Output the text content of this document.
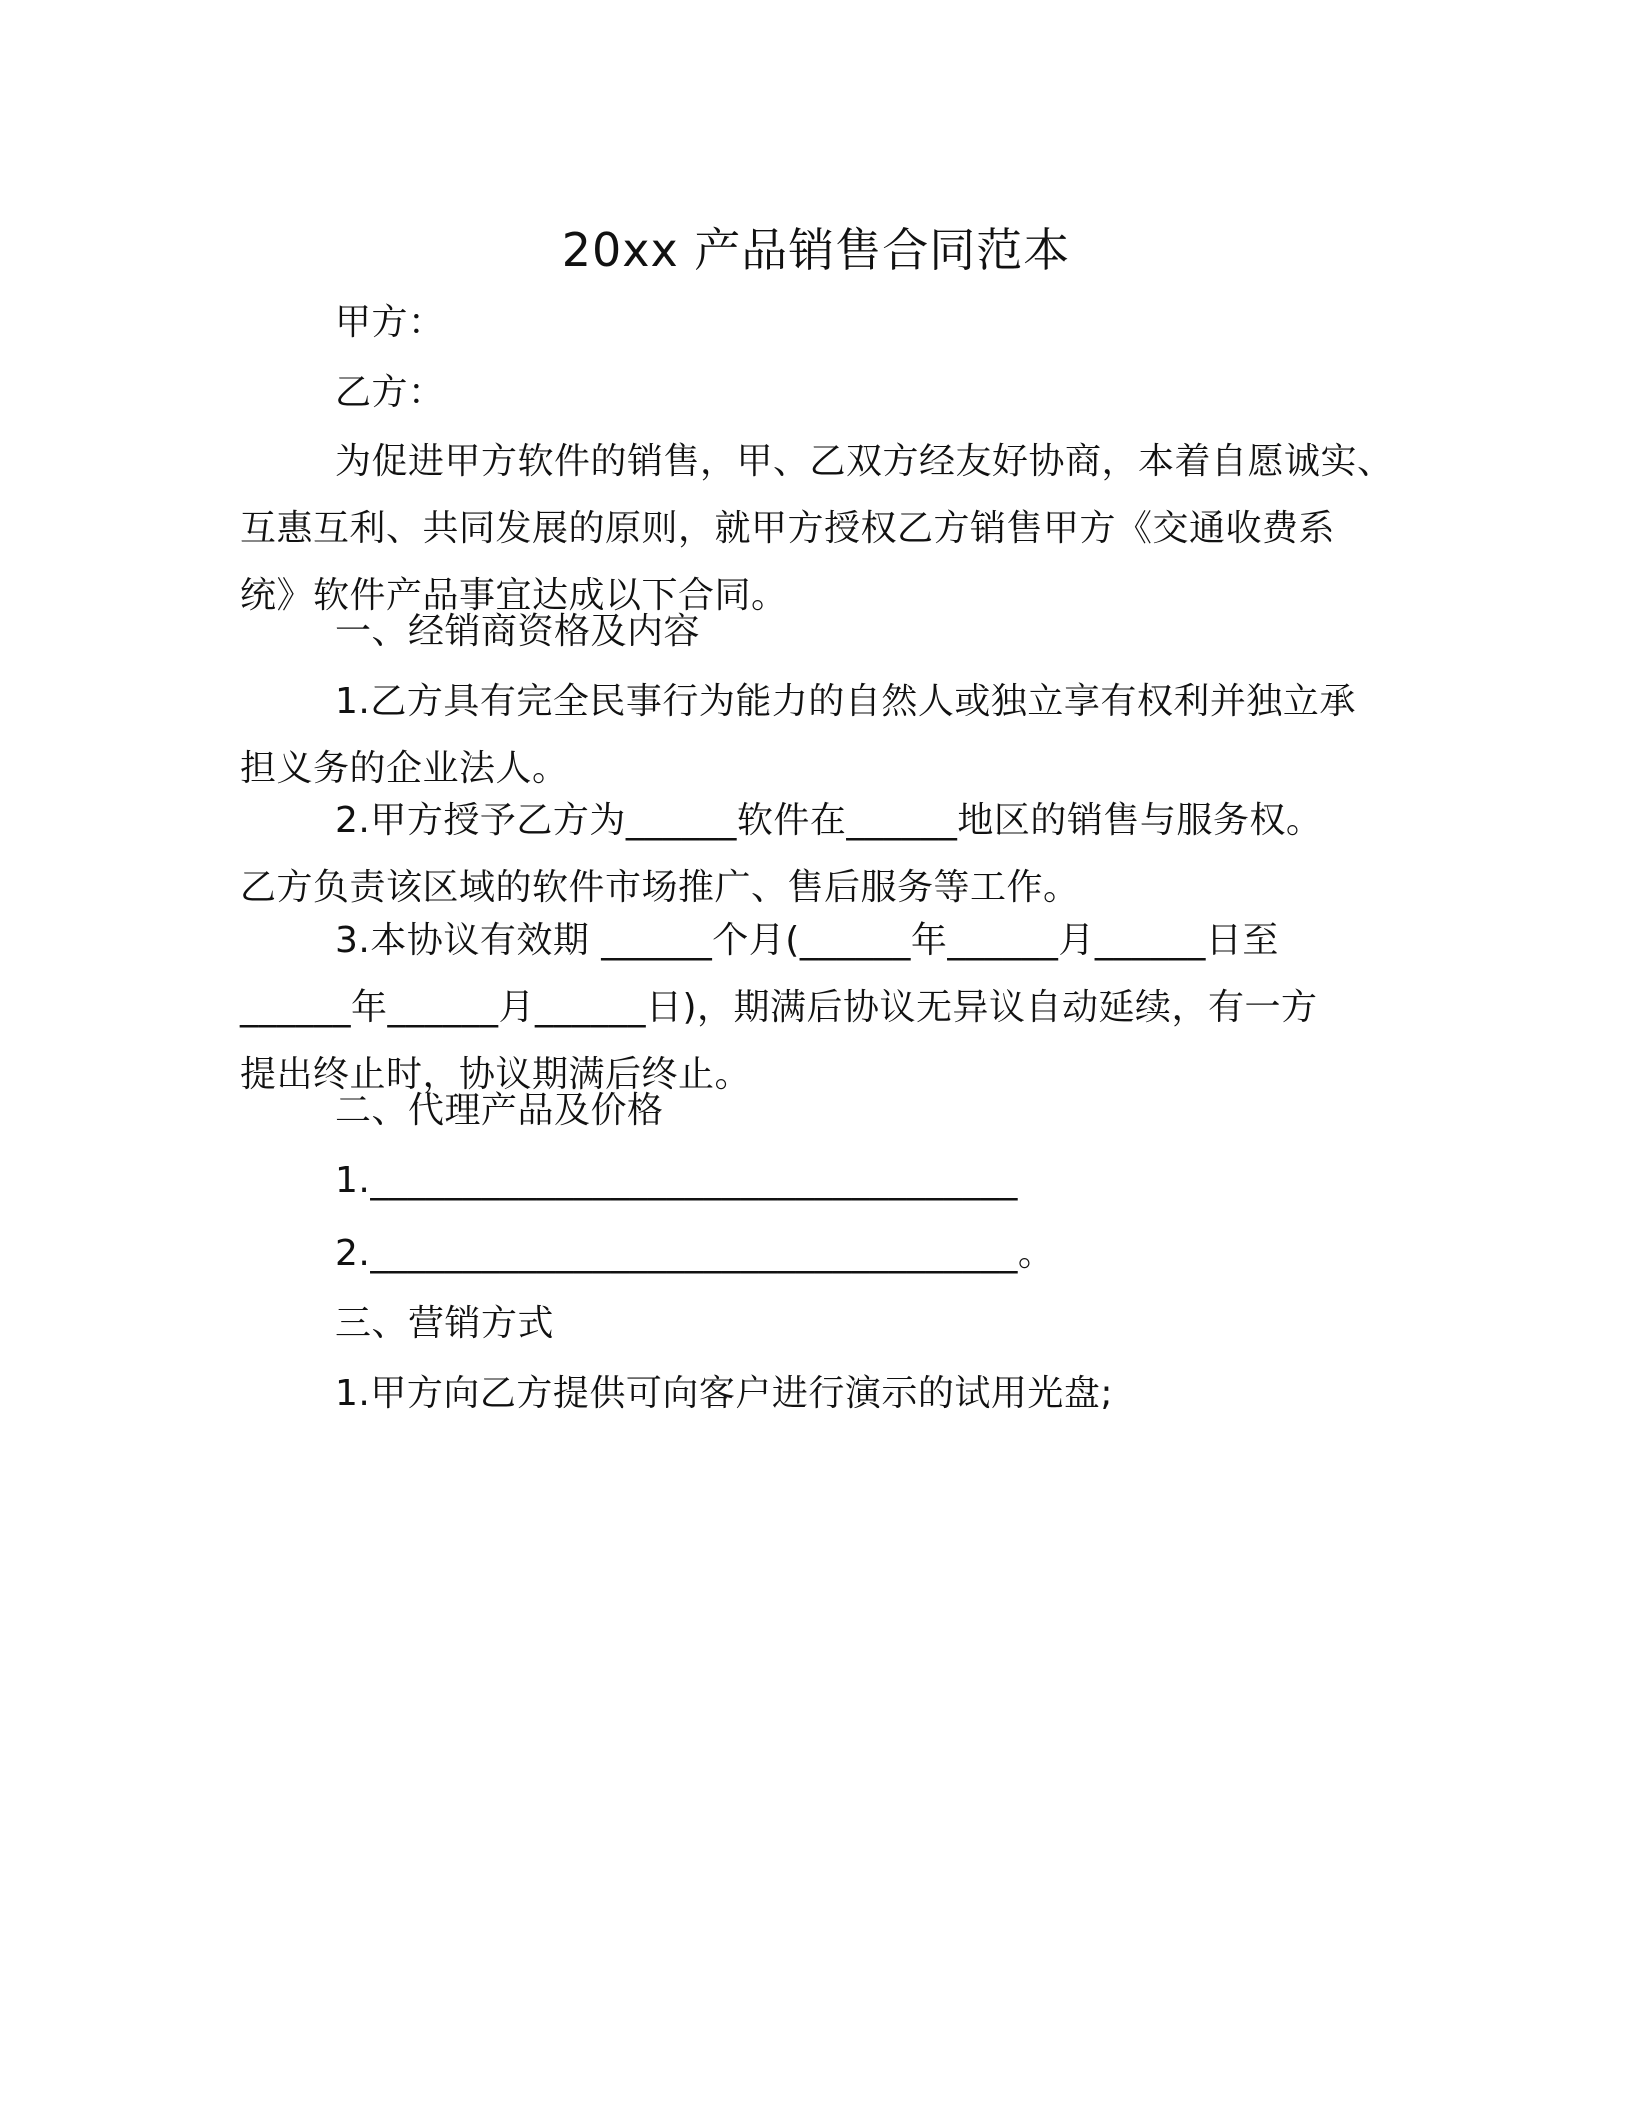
20xx 产品销售合同范本
甲方：
乙方：
为促进甲方软件的销售，甲、乙双方经友好协商，本着自愿诚实、
互惠互利、共同发展的原则，就甲方授权乙方销售甲方《交通收费系
统》软件产品事宜达成以下合同。
一、经销商资格及内容
1.乙方具有完全民事行为能力的自然人或独立享有权利并独立承
担义务的企业法人。
2.甲方授予乙方为______软件在______地区的销售与服务权。
乙方负责该区域的软件市场推广、售后服务等工作。
3.本协议有效期 ______个月(______年______月______日至
______年______月______日)，期满后协议无异议自动延续，有一方
提出终止时，协议期满后终止。
二、代理产品及价格
1.___________________________________
2.___________________________________。
三、营销方式
1.甲方向乙方提供可向客户进行演示的试用光盘;
